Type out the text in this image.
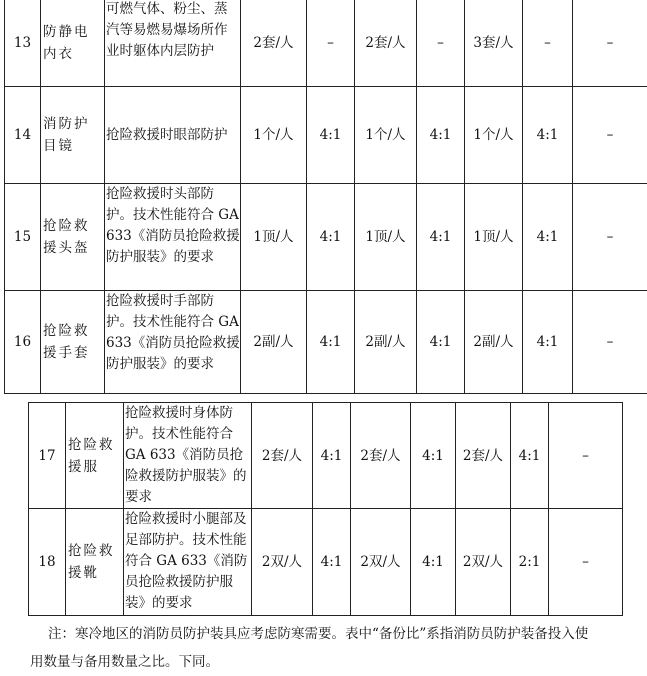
13	防静电内衣	可燃气体、粉尘、蒸汽等易燃易爆场所作业时躯体内层防护	2套/人	–	2套/人	–	3套/人	–	–
14	消防护目镜	抢险救援时眼部防护	1个/人	4:1	1个/人	4:1	1个/人	4:1	–
15	抢险救援头盔	抢险救援时头部防护。技术性能符合 GA 633《消防员抢险救援防护服装》的要求	1顶/人	4:1	1顶/人	4:1	1顶/人	4:1	–
16	抢险救援手套	抢险救援时手部防护。技术性能符合 GA 633《消防员抢险救援防护服装》的要求	2副/人	4:1	2副/人	4:1	2副/人	4:1	–
17	抢险救援服	抢险救援时身体防护。技术性能符合GA 633《消防员抢险救援防护服装》的要求	2套/人	4:1	2套/人	4:1	2套/人	4:1	–
18	抢险救援靴	抢险救援时小腿部及足部防护。技术性能符合 GA 633《消防员抢险救援防护服装》的要求	2双/人	4:1	2双/人	4:1	2双/人	2:1	–
注：寒冷地区的消防员防护装具应考虑防寒需要。表中“备份比”系指消防员防护装备投入使
用数量与备用数量之比。下同。
